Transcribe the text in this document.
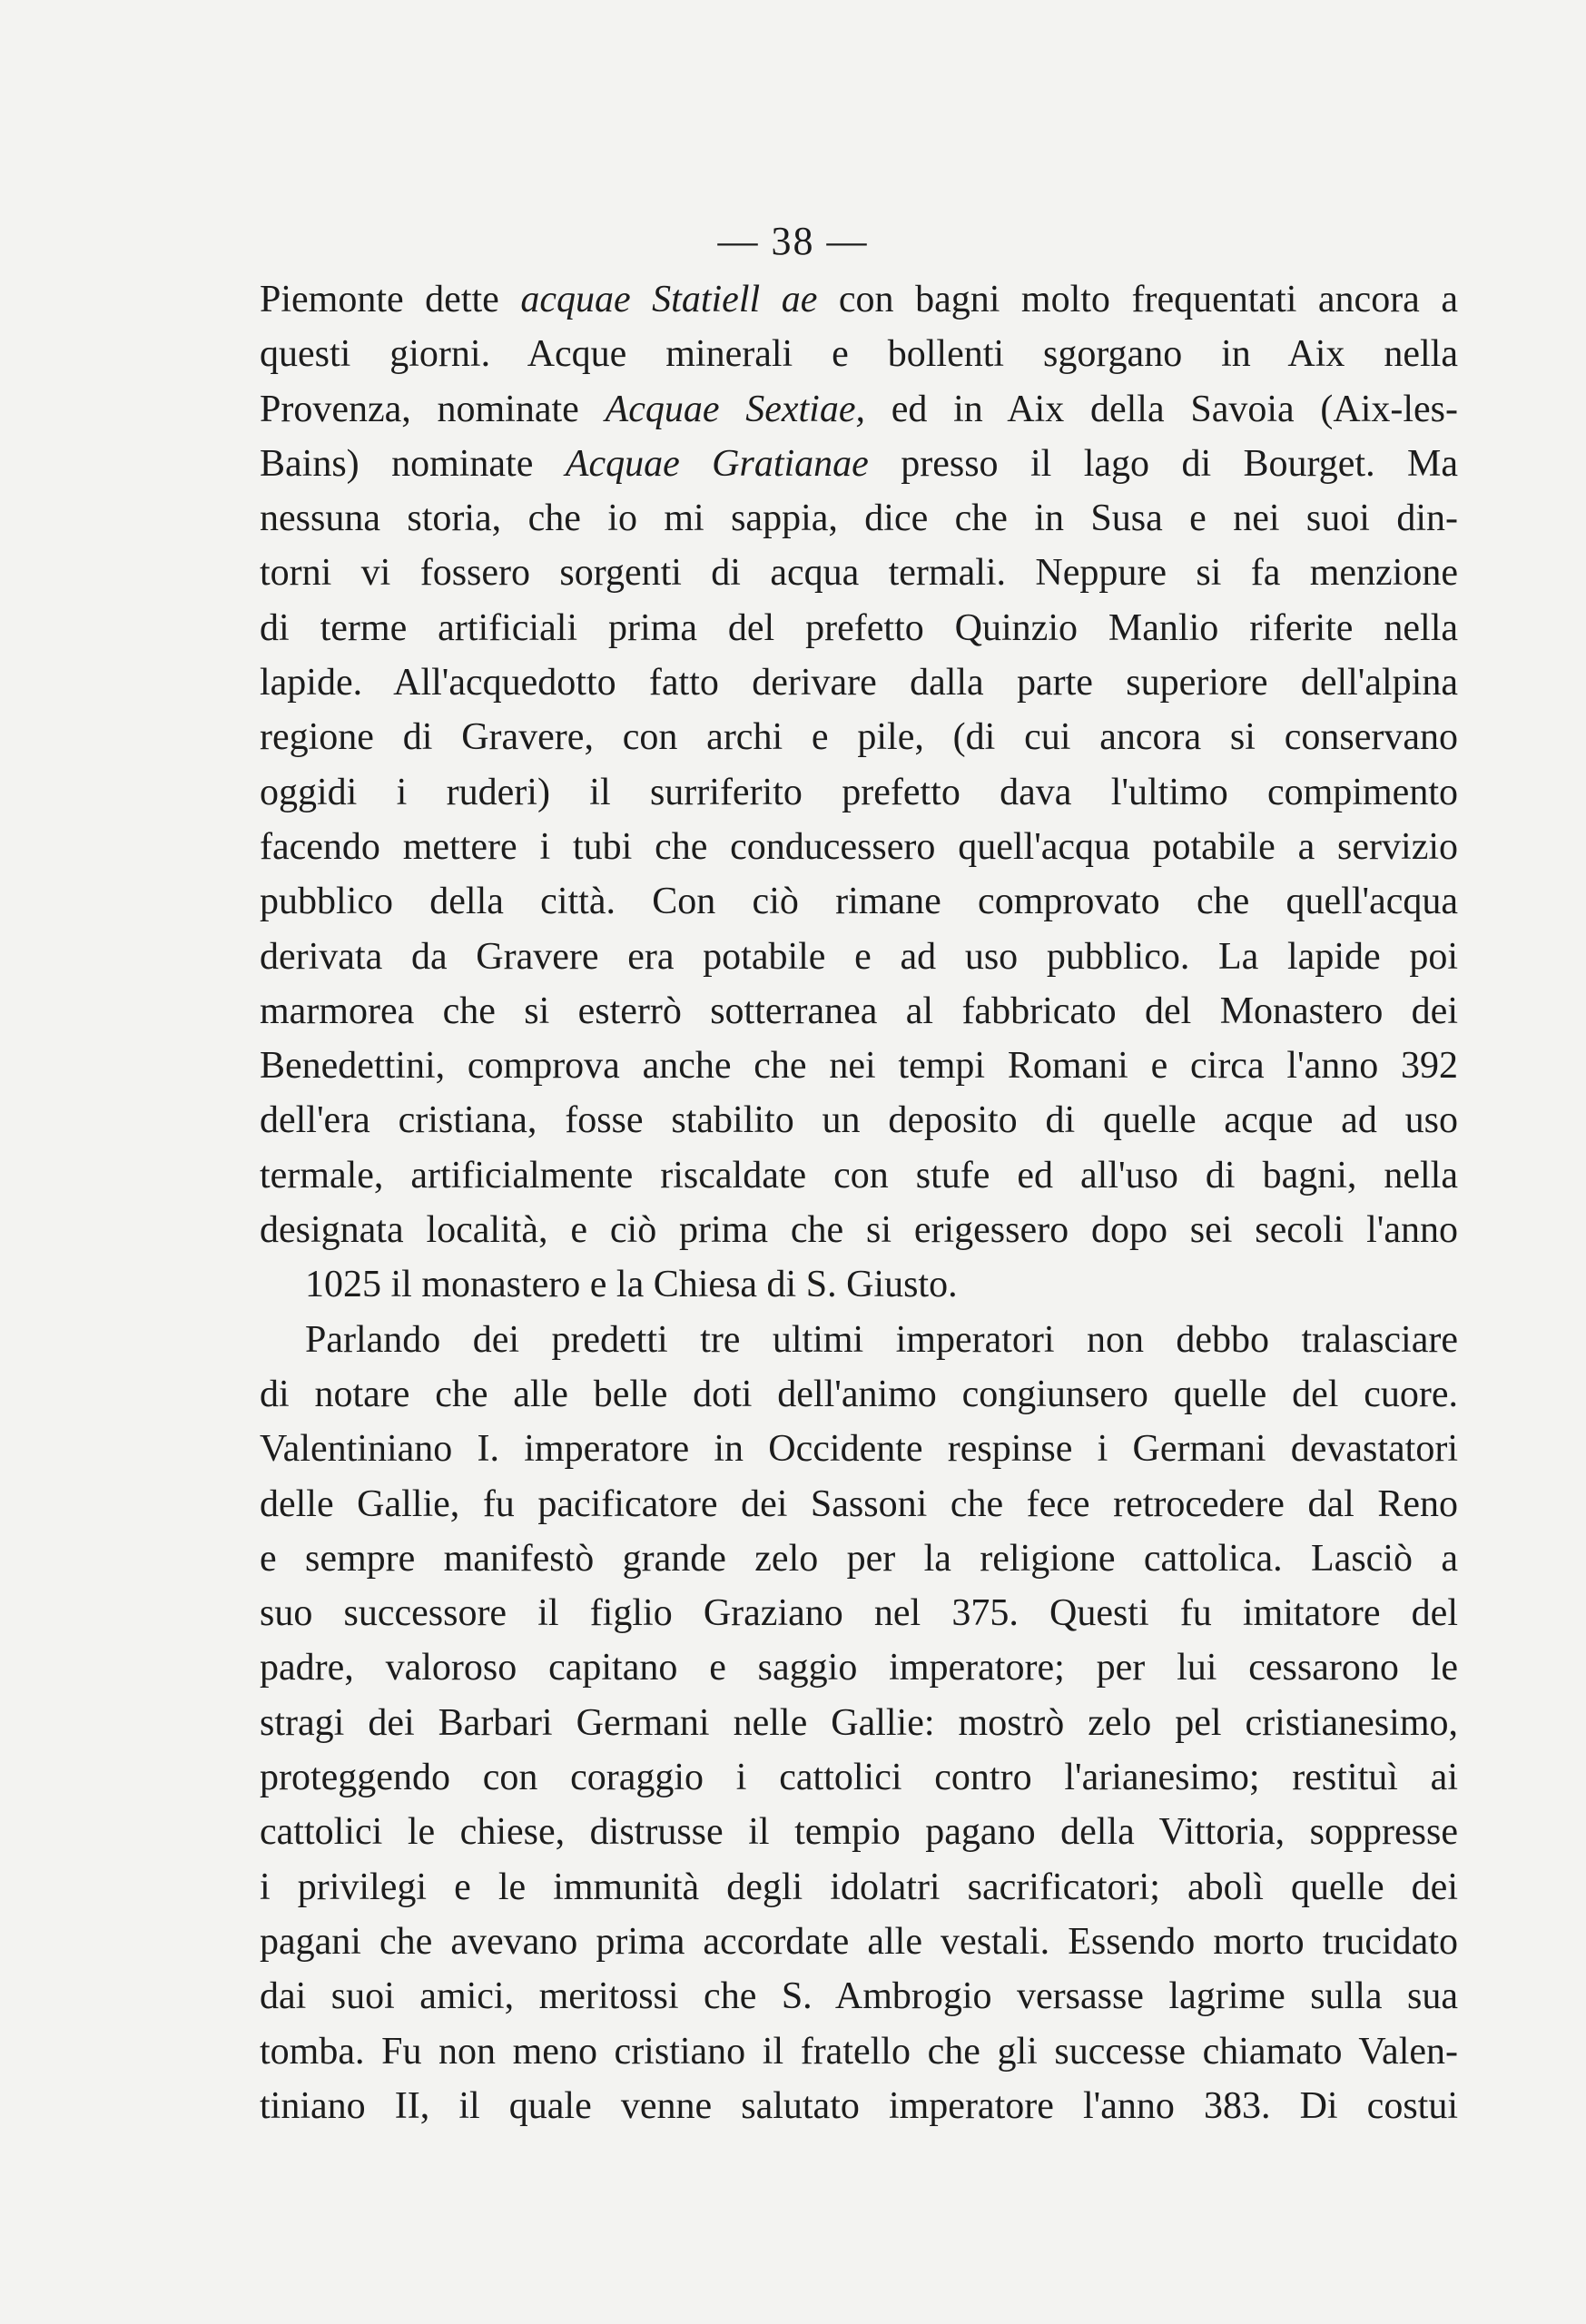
— 38 —
Piemonte dette acquae Statiell ae con bagni molto frequentati ancora a
questi giorni. Acque minerali e bollenti sgorgano in Aix nella
Provenza, nominate Acquae Sextiae, ed in Aix della Savoia (Aix-les-
Bains) nominate Acquae Gratianae presso il lago di Bourget. Ma
nessuna storia, che io mi sappia, dice che in Susa e nei suoi din-
torni vi fossero sorgenti di acqua termali. Neppure si fa menzione
di terme artificiali prima del prefetto Quinzio Manlio riferite nella
lapide. All'acquedotto fatto derivare dalla parte superiore dell'alpina
regione di Gravere, con archi e pile, (di cui ancora si conservano
oggidi i ruderi) il surriferito prefetto dava l'ultimo compimento
facendo mettere i tubi che conducessero quell'acqua potabile a servizio
pubblico della città. Con ciò rimane comprovato che quell'acqua
derivata da Gravere era potabile e ad uso pubblico. La lapide poi
marmorea che si esterrò sotterranea al fabbricato del Monastero dei
Benedettini, comprova anche che nei tempi Romani e circa l'anno 392
dell'era cristiana, fosse stabilito un deposito di quelle acque ad uso
termale, artificialmente riscaldate con stufe ed all'uso di bagni, nella
designata località, e ciò prima che si erigessero dopo sei secoli l'anno
1025 il monastero e la Chiesa di S. Giusto.
Parlando dei predetti tre ultimi imperatori non debbo tralasciare
di notare che alle belle doti dell'animo congiunsero quelle del cuore.
Valentiniano I. imperatore in Occidente respinse i Germani devastatori
delle Gallie, fu pacificatore dei Sassoni che fece retrocedere dal Reno
e sempre manifestò grande zelo per la religione cattolica. Lasciò a
suo successore il figlio Graziano nel 375. Questi fu imitatore del
padre, valoroso capitano e saggio imperatore; per lui cessarono le
stragi dei Barbari Germani nelle Gallie: mostrò zelo pel cristianesimo,
proteggendo con coraggio i cattolici contro l'arianesimo; restituì ai
cattolici le chiese, distrusse il tempio pagano della Vittoria, soppresse
i privilegi e le immunità degli idolatri sacrificatori; abolì quelle dei
pagani che avevano prima accordate alle vestali. Essendo morto trucidato
dai suoi amici, meritossi che S. Ambrogio versasse lagrime sulla sua
tomba. Fu non meno cristiano il fratello che gli successe chiamato Valen-
tiniano II, il quale venne salutato imperatore l'anno 383. Di costui
